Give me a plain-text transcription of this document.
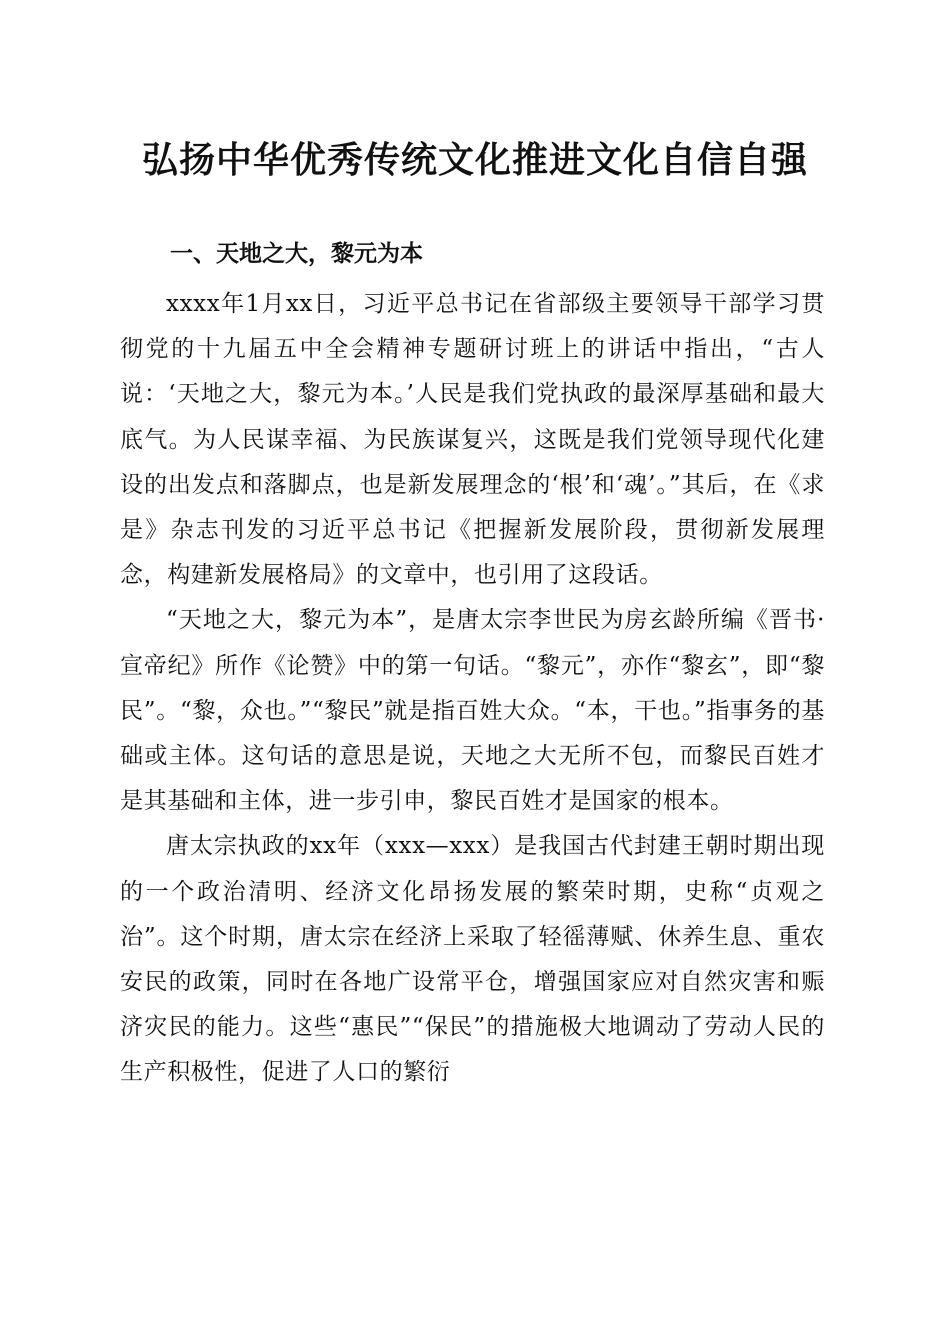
弘扬中华优秀传统文化推进文化自信自强
一、天地之大，黎元为本

xxxx年1月xx日，习近平总书记在省部级主要领导干部学习贯彻党的十九届五中全会精神专题研讨班上的讲话中指出，“古人说：‘天地之大，黎元为本。’人民是我们党执政的最深厚基础和最大底气。为人民谋幸福、为民族谋复兴，这既是我们党领导现代化建设的出发点和落脚点，也是新发展理念的‘根’和‘魂’。”其后，在《求是》杂志刊发的习近平总书记《把握新发展阶段，贯彻新发展理念，构建新发展格局》的文章中，也引用了这段话。

“天地之大，黎元为本”，是唐太宗李世民为房玄龄所编《晋书·宣帝纪》所作《论赞》中的第一句话。“黎元”，亦作“黎玄”，即“黎民”。“黎，众也。”“黎民”就是指百姓大众。“本，干也。”指事务的基础或主体。这句话的意思是说，天地之大无所不包，而黎民百姓才是其基础和主体，进一步引申，黎民百姓才是国家的根本。

唐太宗执政的xx年（xxx—xxx）是我国古代封建王朝时期出现的一个政治清明、经济文化昂扬发展的繁荣时期，史称“贞观之治”。这个时期，唐太宗在经济上采取了轻徭薄赋、休养生息、重农安民的政策，同时在各地广设常平仓，增强国家应对自然灾害和赈济灾民的能力。这些“惠民”“保民”的措施极大地调动了劳动人民的生产积极性，促进了人口的繁衍
